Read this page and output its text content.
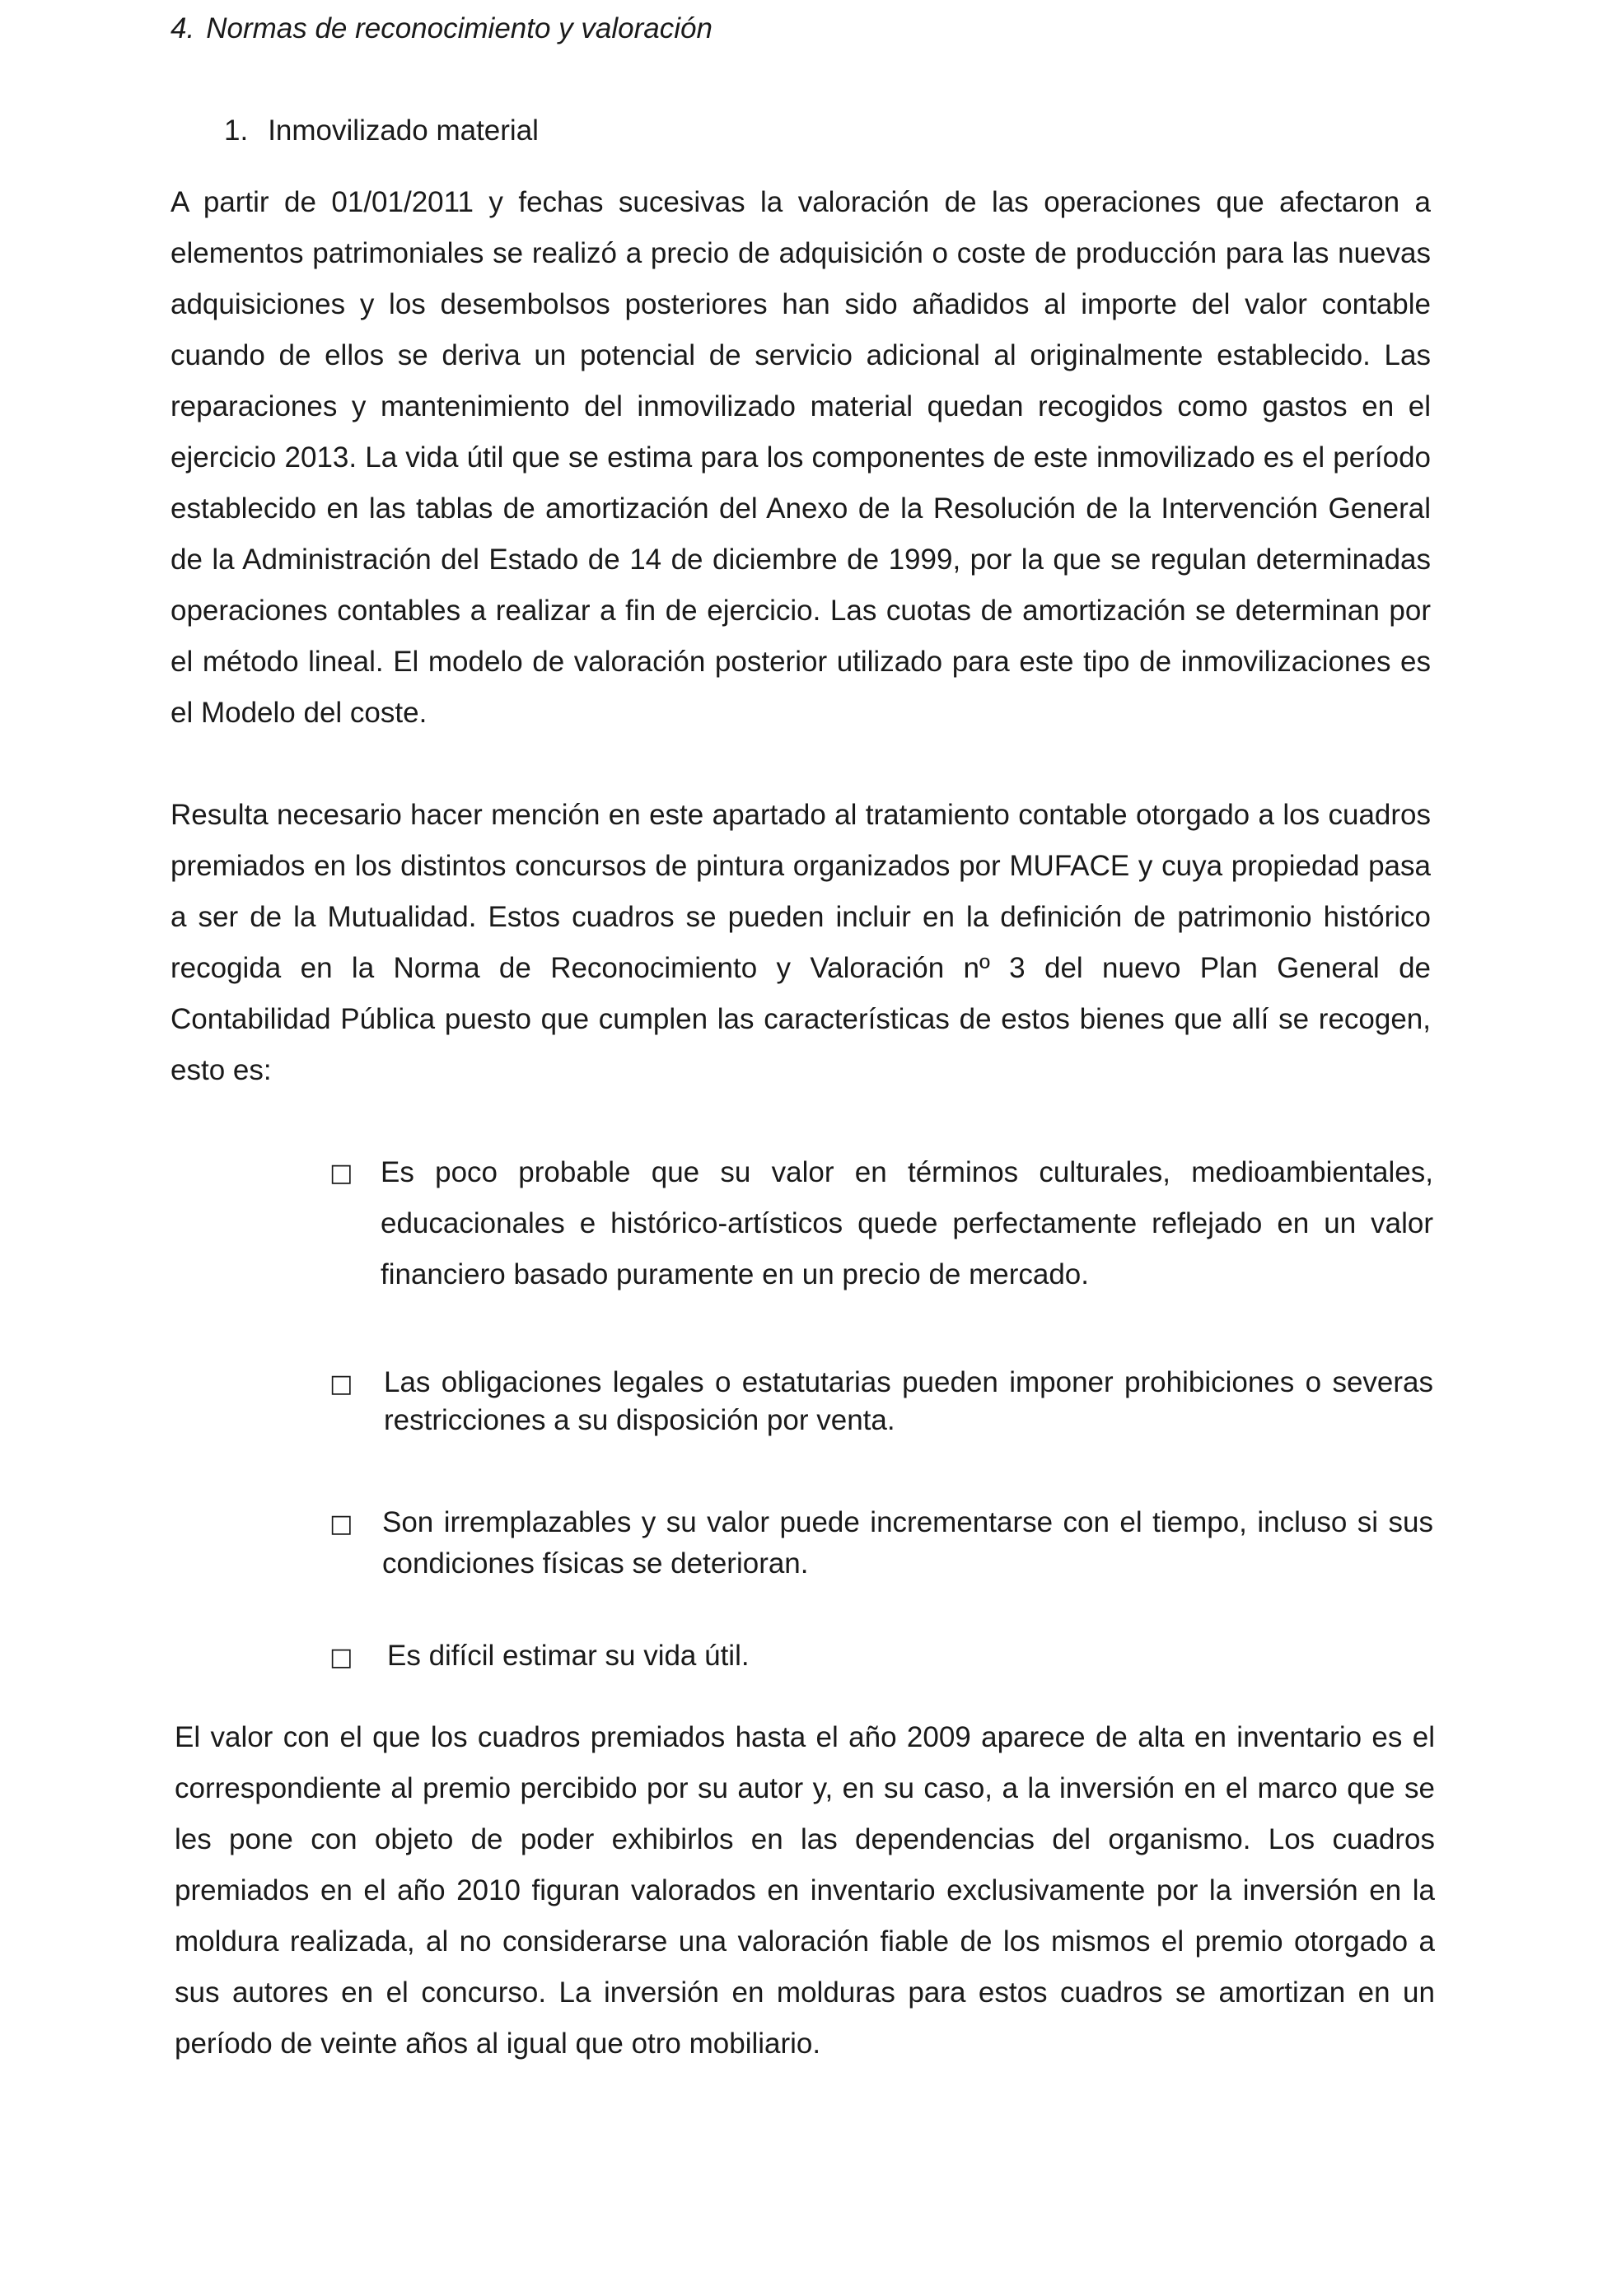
4. Normas de reconocimiento y valoración
1. Inmovilizado material

A partir de 01/01/2011 y fechas sucesivas la valoración de las operaciones que afectaron a elementos patrimoniales se realizó a precio de adquisición o coste de producción para las nuevas adquisiciones y los desembolsos posteriores han sido añadidos al importe del valor contable cuando de ellos se deriva un potencial de servicio adicional al originalmente establecido. Las reparaciones y mantenimiento del inmovilizado material quedan recogidos como gastos en el ejercicio 2013. La vida útil que se estima para los componentes de este inmovilizado es el período establecido en las tablas de amortización del Anexo de la Resolución de la Intervención General de la Administración del Estado de 14 de diciembre de 1999, por la que se regulan determinadas operaciones contables a realizar a fin de ejercicio. Las cuotas de amortización se determinan por el método lineal. El modelo de valoración posterior utilizado para este tipo de inmovilizaciones es el Modelo del coste.

Resulta necesario hacer mención en este apartado al tratamiento contable otorgado a los cuadros premiados en los distintos concursos de pintura organizados por MUFACE y cuya propiedad pasa a ser de la Mutualidad. Estos cuadros se pueden incluir en la definición de patrimonio histórico recogida en la Norma de Reconocimiento y Valoración nº 3 del nuevo Plan General de Contabilidad Pública puesto que cumplen las características de estos bienes que allí se recogen, esto es:

□ Es poco probable que su valor en términos culturales, medioambientales, educacionales e histórico-artísticos quede perfectamente reflejado en un valor financiero basado puramente en un precio de mercado.

□ Las obligaciones legales o estatutarias pueden imponer prohibiciones o severas restricciones a su disposición por venta.

□ Son irremplazables y su valor puede incrementarse con el tiempo, incluso si sus condiciones físicas se deterioran.

□ Es difícil estimar su vida útil.

El valor con el que los cuadros premiados hasta el año 2009 aparece de alta en inventario es el correspondiente al premio percibido por su autor y, en su caso, a la inversión en el marco que se les pone con objeto de poder exhibirlos en las dependencias del organismo. Los cuadros premiados en el año 2010 figuran valorados en inventario exclusivamente por la inversión en la moldura realizada, al no considerarse una valoración fiable de los mismos el premio otorgado a sus autores en el concurso. La inversión en molduras para estos cuadros se amortizan en un período de veinte años al igual que otro mobiliario.
